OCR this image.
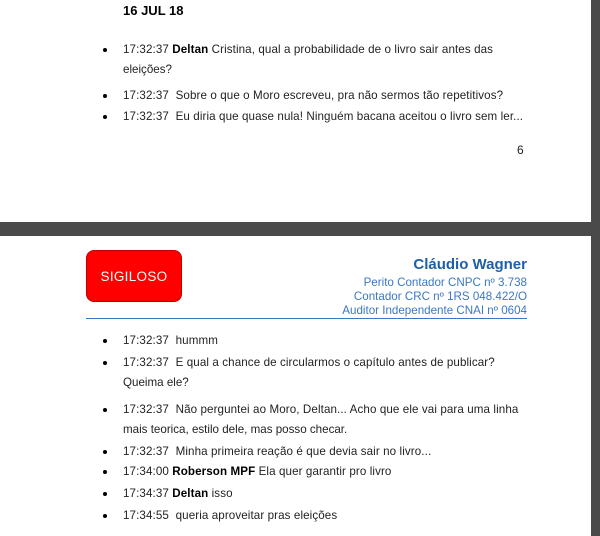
16 JUL 18
17:32:37 Deltan Cristina, qual a probabilidade de o livro sair antes das
eleições?
17:32:37 Sobre o que o Moro escreveu, pra não sermos tão repetitivos?
17:32:37 Eu diria que quase nula! Ninguém bacana aceitou o livro sem ler...
6
SIGILOSO
Cláudio Wagner
Perito Contador CNPC nº 3.738
Contador CRC nº 1RS 048.422/O
Auditor Independente CNAI nº 0604
17:32:37 hummm
17:32:37 E qual a chance de circularmos o capítulo antes de publicar?
Queima ele?
17:32:37 Não perguntei ao Moro, Deltan... Acho que ele vai para uma linha
mais teorica, estilo dele, mas posso checar.
17:32:37 Minha primeira reação é que devia sair no livro...
17:34:00 Roberson MPF Ela quer garantir pro livro
17:34:37 Deltan isso
17:34:55 queria aproveitar pras eleições
